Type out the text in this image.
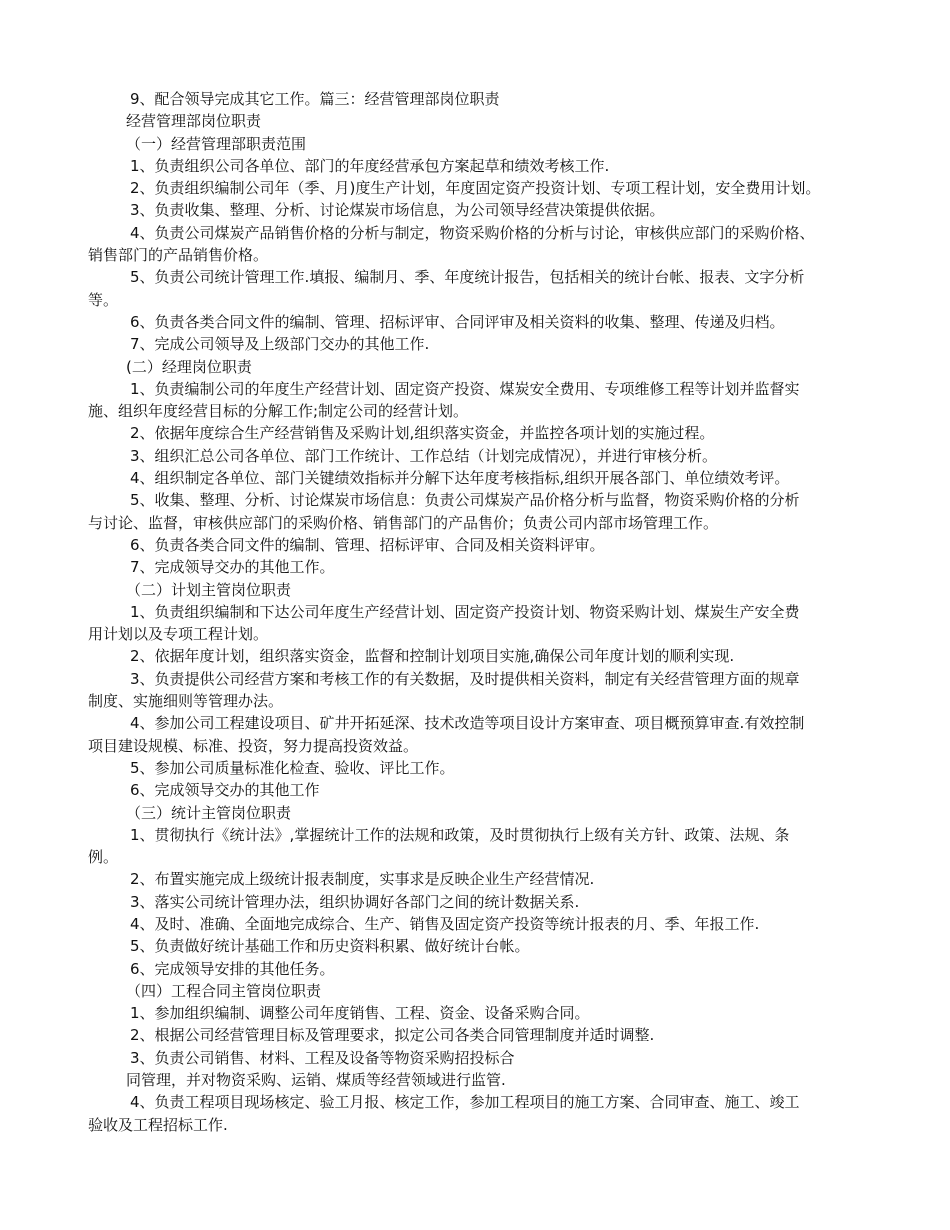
9、配合领导完成其它工作。篇三：经营管理部岗位职责
经营管理部岗位职责
（一）经营管理部职责范围
1、负责组织公司各单位、部门的年度经营承包方案起草和绩效考核工作.
2、负责组织编制公司年（季、月)度生产计划，年度固定资产投资计划、专项工程计划，安全费用计划。
3、负责收集、整理、分析、讨论煤炭市场信息，为公司领导经营决策提供依据。
4、负责公司煤炭产品销售价格的分析与制定，物资采购价格的分析与讨论，审核供应部门的采购价格、
销售部门的产品销售价格。
5、负责公司统计管理工作.填报、编制月、季、年度统计报告，包括相关的统计台帐、报表、文字分析
等。
6、负责各类合同文件的编制、管理、招标评审、合同评审及相关资料的收集、整理、传递及归档。
7、完成公司领导及上级部门交办的其他工作.
(二）经理岗位职责
1、负责编制公司的年度生产经营计划、固定资产投资、煤炭安全费用、专项维修工程等计划并监督实
施、组织年度经营目标的分解工作;制定公司的经营计划。
2、依据年度综合生产经营销售及采购计划,组织落实资金，并监控各项计划的实施过程。
3、组织汇总公司各单位、部门工作统计、工作总结（计划完成情况），并进行审核分析。
4、组织制定各单位、部门关键绩效指标并分解下达年度考核指标,组织开展各部门、单位绩效考评。
5、收集、整理、分析、讨论煤炭市场信息：负责公司煤炭产品价格分析与监督，物资采购价格的分析
与讨论、监督，审核供应部门的采购价格、销售部门的产品售价；负责公司内部市场管理工作。
6、负责各类合同文件的编制、管理、招标评审、合同及相关资料评审。
7、完成领导交办的其他工作。
（二）计划主管岗位职责
1、负责组织编制和下达公司年度生产经营计划、固定资产投资计划、物资采购计划、煤炭生产安全费
用计划以及专项工程计划。
2、依据年度计划，组织落实资金，监督和控制计划项目实施,确保公司年度计划的顺利实现.
3、负责提供公司经营方案和考核工作的有关数据，及时提供相关资料，制定有关经营管理方面的规章
制度、实施细则等管理办法。
4、参加公司工程建设项目、矿井开拓延深、技术改造等项目设计方案审查、项目概预算审查.有效控制
项目建设规模、标准、投资，努力提高投资效益。
5、参加公司质量标准化检查、验收、评比工作。
6、完成领导交办的其他工作
（三）统计主管岗位职责
1、贯彻执行《统计法》,掌握统计工作的法规和政策，及时贯彻执行上级有关方针、政策、法规、条
例。
2、布置实施完成上级统计报表制度，实事求是反映企业生产经营情况.
3、落实公司统计管理办法，组织协调好各部门之间的统计数据关系.
4、及时、准确、全面地完成综合、生产、销售及固定资产投资等统计报表的月、季、年报工作.
5、负责做好统计基础工作和历史资料积累、做好统计台帐。
6、完成领导安排的其他任务。
（四）工程合同主管岗位职责
1、参加组织编制、调整公司年度销售、工程、资金、设备采购合同。
2、根据公司经营管理目标及管理要求，拟定公司各类合同管理制度并适时调整.
3、负责公司销售、材料、工程及设备等物资采购招投标合
同管理，并对物资采购、运销、煤质等经营领域进行监管.
4、负责工程项目现场核定、验工月报、核定工作，参加工程项目的施工方案、合同审查、施工、竣工
验收及工程招标工作.
